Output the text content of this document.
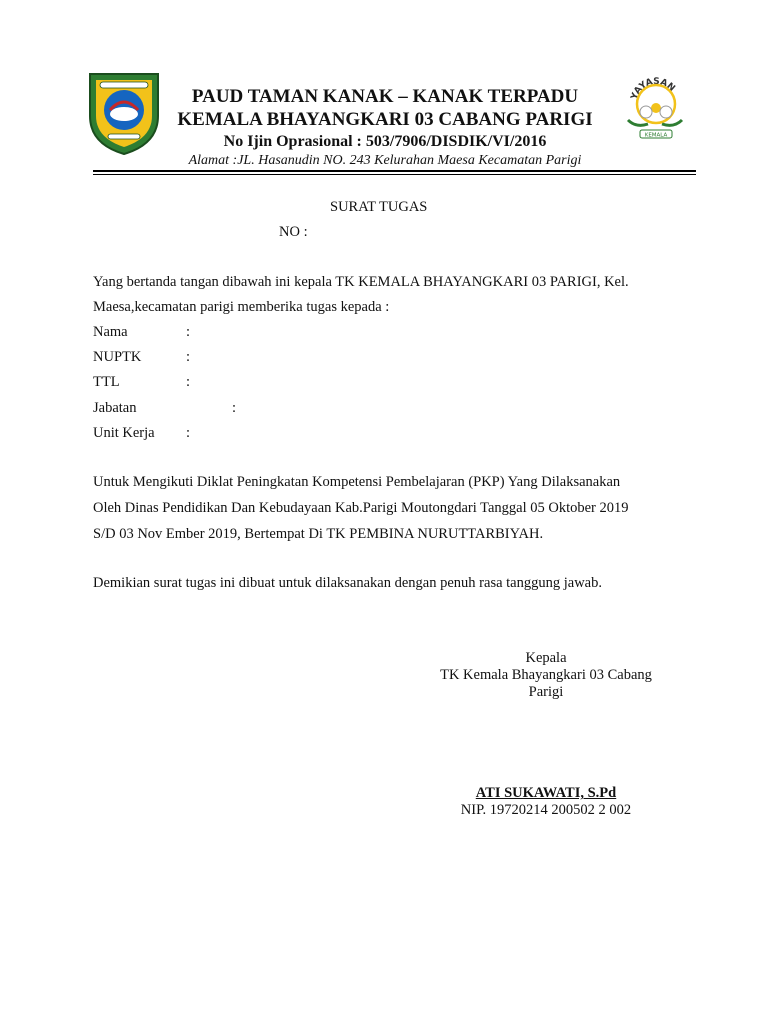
PAUD TAMAN KANAK – KANAK TERPADU
KEMALA BHAYANGKARI 03 CABANG PARIGI
No Ijin Oprasional : 503/7906/DISDIK/VI/2016
Alamat :JL. Hasanudin NO. 243 Kelurahan Maesa Kecamatan Parigi
YAYASAN
KEMALA
SURAT TUGAS
NO :
Yang bertanda tangan dibawah ini kepala TK KEMALA BHAYANGKARI 03 PARIGI, Kel.
Maesa,kecamatan parigi memberika tugas kepada :
Nama	:
NUPTK	:
TTL	:
Jabatan	:
Unit Kerja :
Untuk Mengikuti Diklat Peningkatan Kompetensi Pembelajaran (PKP) Yang Dilaksanakan
Oleh Dinas Pendidikan Dan Kebudayaan Kab.Parigi Moutongdari Tanggal 05 Oktober 2019
S/D 03 Nov Ember 2019, Bertempat Di TK PEMBINA NURUTTARBIYAH.
Demikian surat tugas ini dibuat untuk dilaksanakan dengan penuh rasa tanggung jawab.
Kepala
TK Kemala Bhayangkari 03 Cabang
Parigi
ATI SUKAWATI, S.Pd
NIP. 19720214 200502 2 002
